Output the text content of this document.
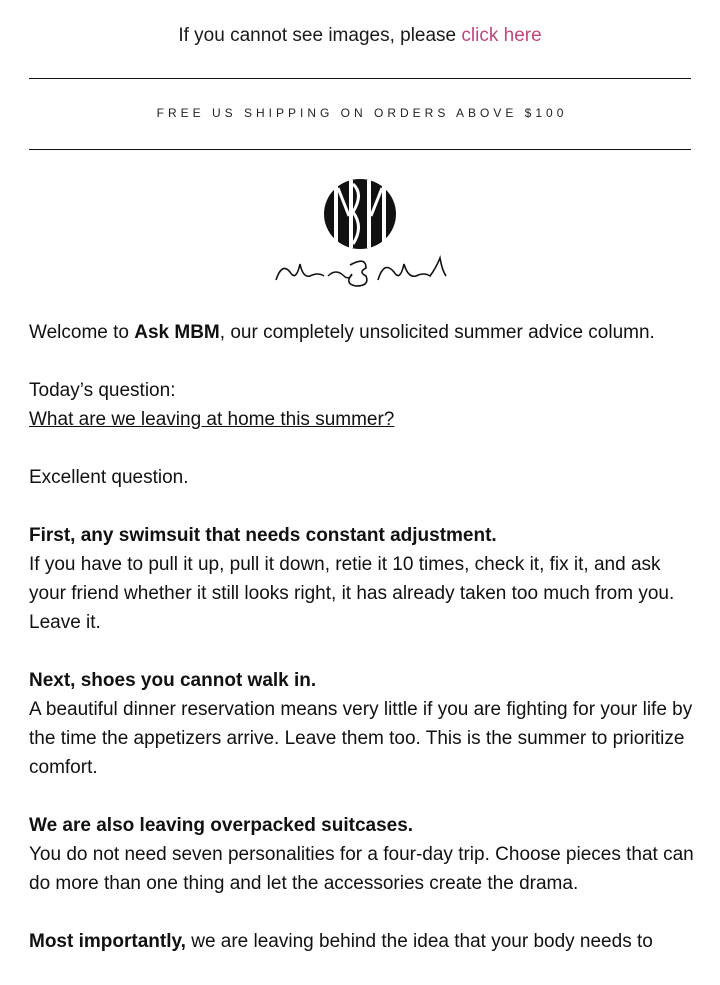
If you cannot see images, please click here
FREE US SHIPPING ON ORDERS ABOVE $100

Welcome to Ask MBM, our completely unsolicited summer advice column.

Today’s question:
What are we leaving at home this summer?

Excellent question.

First, any swimsuit that needs constant adjustment.
If you have to pull it up, pull it down, retie it 10 times, check it, fix it, and ask your friend whether it still looks right, it has already taken too much from you. Leave it.

Next, shoes you cannot walk in.
A beautiful dinner reservation means very little if you are fighting for your life by the time the appetizers arrive. Leave them too. This is the summer to prioritize comfort.

We are also leaving overpacked suitcases.
You do not need seven personalities for a four-day trip. Choose pieces that can do more than one thing and let the accessories create the drama.

Most importantly, we are leaving behind the idea that your body needs to
